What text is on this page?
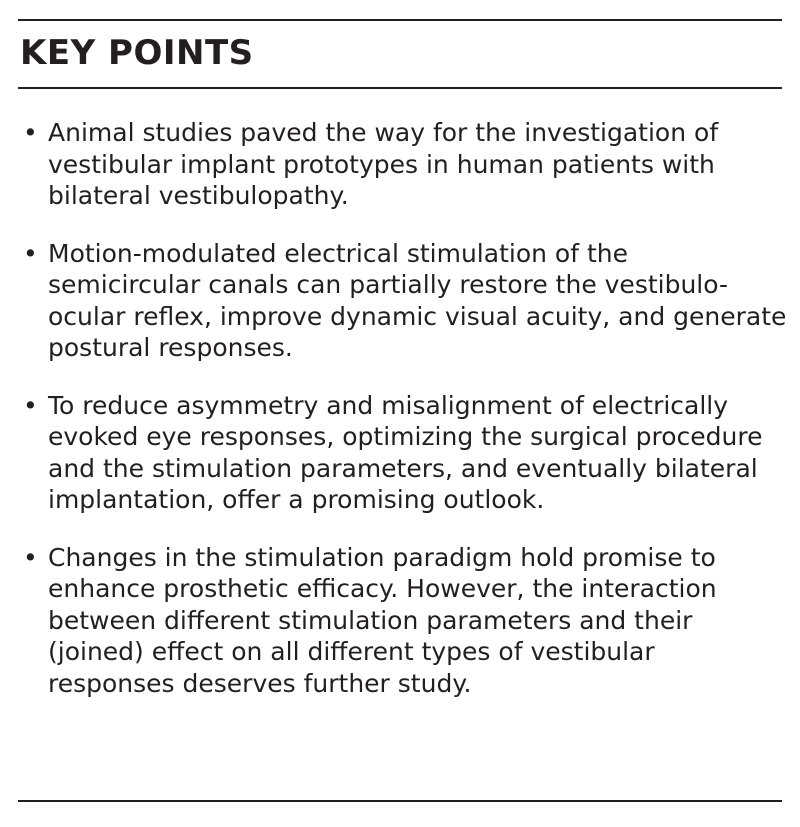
KEY POINTS
• Animal studies paved the way for the investigation of vestibular implant prototypes in human patients with bilateral vestibulopathy.
• Motion-modulated electrical stimulation of the semicircular canals can partially restore the vestibulo-ocular reflex, improve dynamic visual acuity, and generate postural responses.
• To reduce asymmetry and misalignment of electrically evoked eye responses, optimizing the surgical procedure and the stimulation parameters, and eventually bilateral implantation, offer a promising outlook.
• Changes in the stimulation paradigm hold promise to enhance prosthetic efficacy. However, the interaction between different stimulation parameters and their (joined) effect on all different types of vestibular responses deserves further study.
